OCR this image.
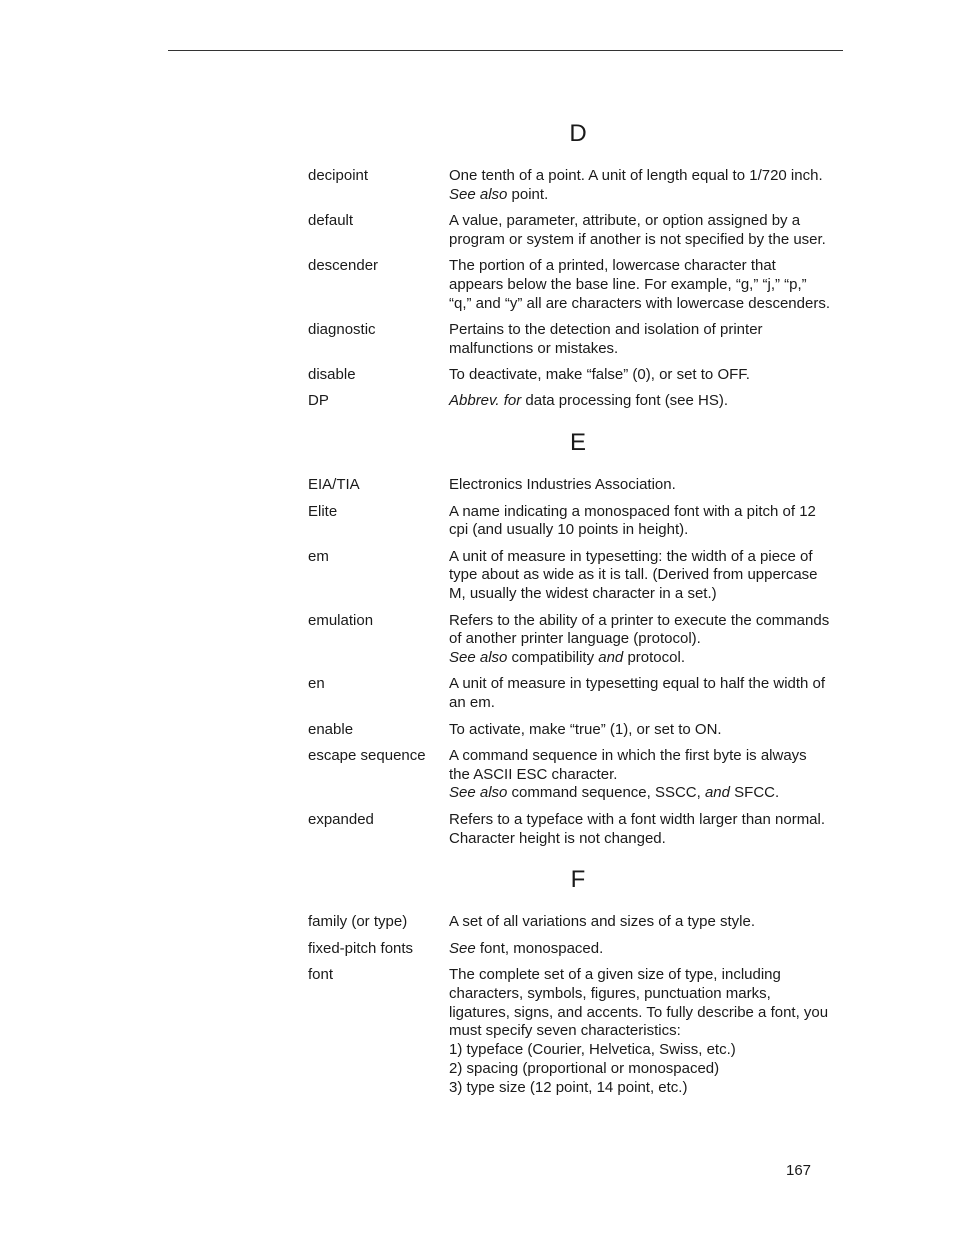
D
decipoint	One tenth of a point. A unit of length equal to 1/720 inch.
See also point.
default	A value, parameter, attribute, or option assigned by a
program or system if another is not specified by the user.
descender	The portion of a printed, lowercase character that
appears below the base line. For example, “g,” “j,” “p,”
“q,” and “y” all are characters with lowercase descenders.
diagnostic	Pertains to the detection and isolation of printer
malfunctions or mistakes.
disable	To deactivate, make “false” (0), or set to OFF.
DP	Abbrev. for data processing font (see HS).
E
EIA/TIA	Electronics Industries Association.
Elite	A name indicating a monospaced font with a pitch of 12
cpi (and usually 10 points in height).
em	A unit of measure in typesetting: the width of a piece of
type about as wide as it is tall. (Derived from uppercase
M, usually the widest character in a set.)
emulation	Refers to the ability of a printer to execute the commands
of another printer language (protocol).
See also compatibility and protocol.
en	A unit of measure in typesetting equal to half the width of
an em.
enable	To activate, make “true” (1), or set to ON.
escape sequence	A command sequence in which the first byte is always
the ASCII ESC character.
See also command sequence, SSCC, and SFCC.
expanded	Refers to a typeface with a font width larger than normal.
Character height is not changed.
F
family (or type)	A set of all variations and sizes of a type style.
fixed-pitch fonts	See font, monospaced.
font	The complete set of a given size of type, including
characters, symbols, figures, punctuation marks,
ligatures, signs, and accents. To fully describe a font, you
must specify seven characteristics:
1) typeface (Courier, Helvetica, Swiss, etc.)
2) spacing (proportional or monospaced)
3) type size (12 point, 14 point, etc.)
167
